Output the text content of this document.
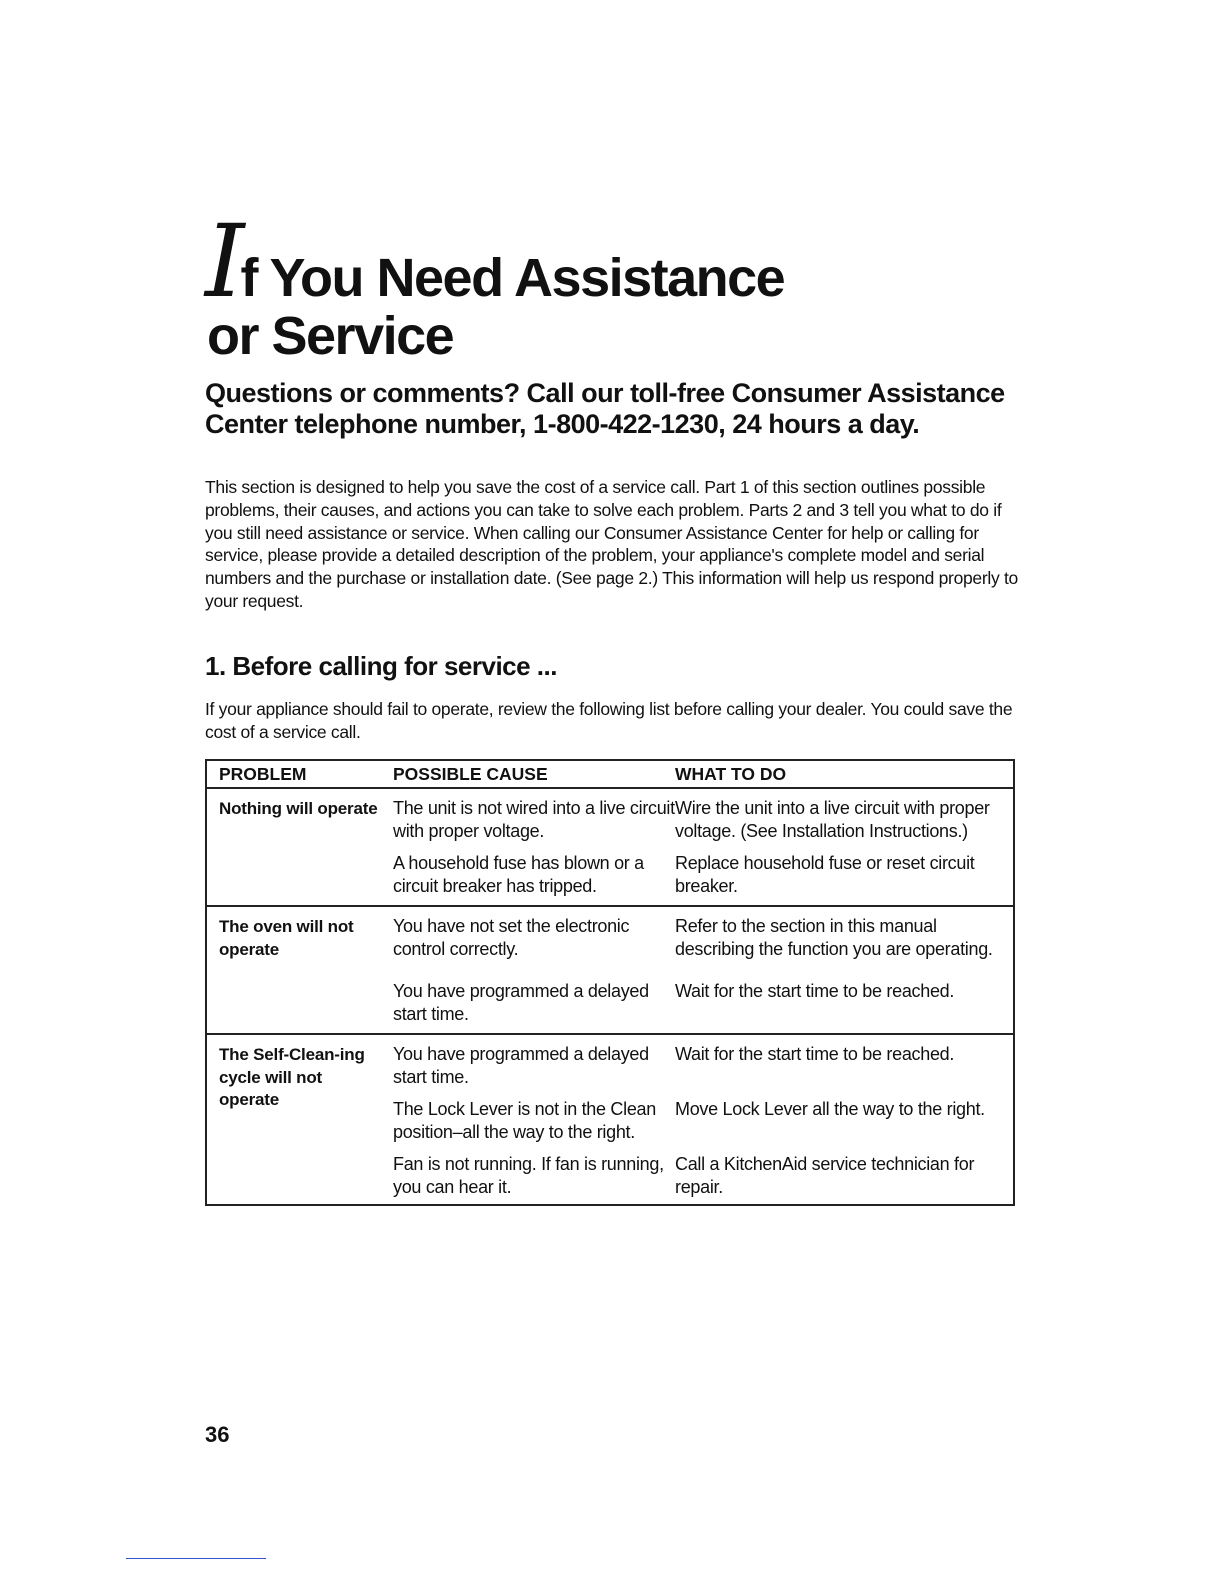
I f You Need Assistance
or Service
Questions or comments? Call our toll-free Consumer Assistance Center telephone number, 1-800-422-1230, 24 hours a day.
This section is designed to help you save the cost of a service call. Part 1 of this section outlines possible problems, their causes, and actions you can take to solve each problem. Parts 2 and 3 tell you what to do if you still need assistance or service. When calling our Consumer Assistance Center for help or calling for service, please provide a detailed description of the problem, your appliance's complete model and serial numbers and the purchase or installation date. (See page 2.) This information will help us respond properly to your request.
1. Before calling for service ...
If your appliance should fail to operate, review the following list before calling your dealer. You could save the cost of a service call.
PROBLEM	POSSIBLE CAUSE	WHAT TO DO
Nothing will operate The unit is not wired into a live circuit with proper voltage.
Wire the unit into a live circuit with proper voltage. (See Installation Instructions.)
A household fuse has blown or a circuit breaker has tripped.
Replace household fuse or reset circuit breaker.
The oven will not operate
You have not set the electronic control correctly.
Refer to the section in this manual describing the function you are operating.
You have programmed a delayed start time.
Wait for the start time to be reached.
The Self-Clean-ing cycle will not operate
You have programmed a delayed start time.
Wait for the start time to be reached.
The Lock Lever is not in the Clean position–all the way to the right.
Move Lock Lever all the way to the right.
Fan is not running. If fan is running, you can hear it.
Call a KitchenAid service technician for repair.
36
